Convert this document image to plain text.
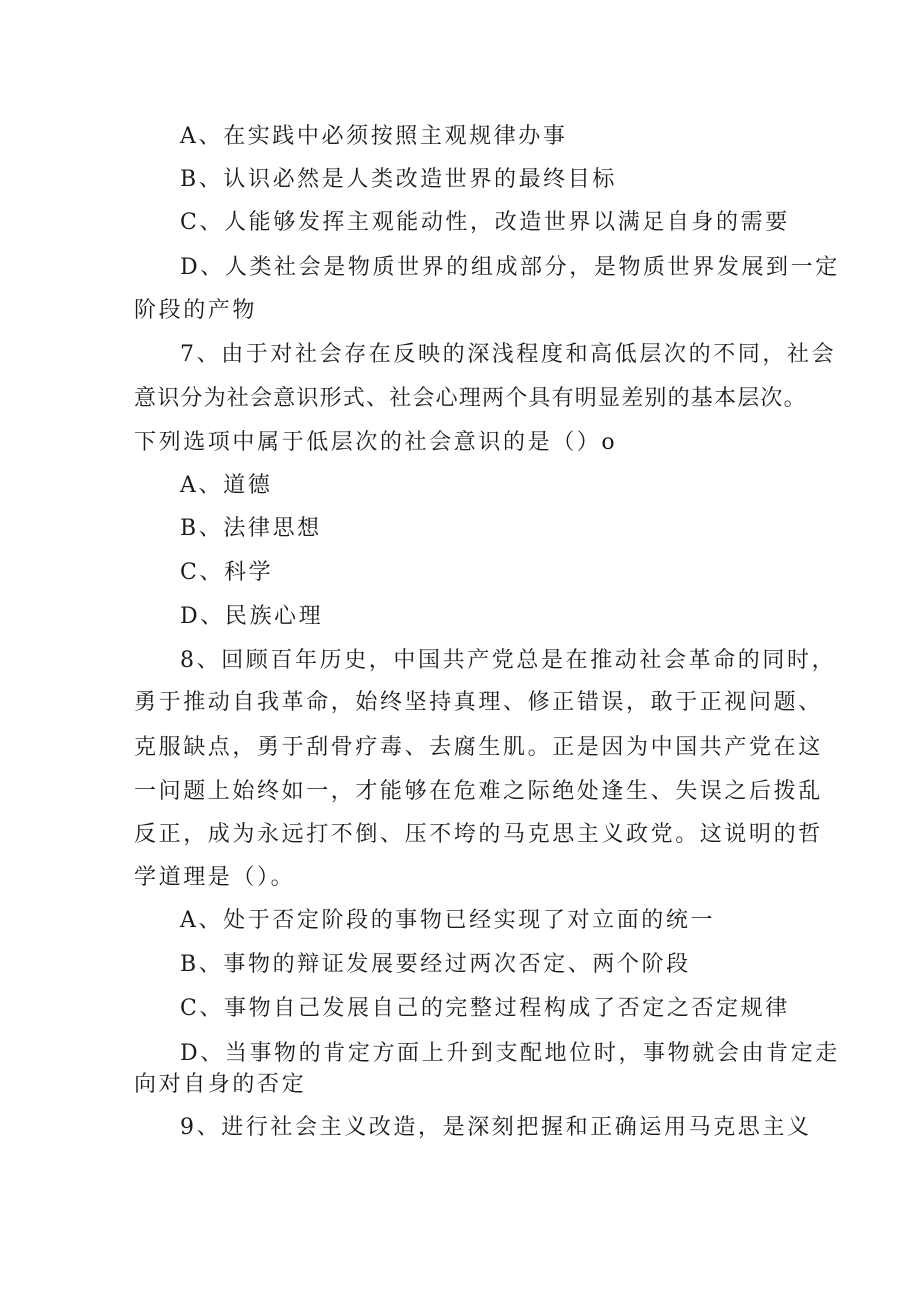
A、在实践中必须按照主观规律办事
B、认识必然是人类改造世界的最终目标
C、人能够发挥主观能动性，改造世界以满足自身的需要
D、人类社会是物质世界的组成部分，是物质世界发展到一定
阶段的产物
7、由于对社会存在反映的深浅程度和高低层次的不同，社会
意识分为社会意识形式、社会心理两个具有明显差别的基本层次。
下列选项中属于低层次的社会意识的是（）o
A、道德
B、法律思想
C、科学
D、民族心理
8、回顾百年历史，中国共产党总是在推动社会革命的同时，
勇于推动自我革命，始终坚持真理、修正错误，敢于正视问题、
克服缺点，勇于刮骨疗毒、去腐生肌。正是因为中国共产党在这
一问题上始终如一，才能够在危难之际绝处逢生、失误之后拨乱
反正，成为永远打不倒、压不垮的马克思主义政党。这说明的哲
学道理是（）。
A、处于否定阶段的事物已经实现了对立面的统一
B、事物的辩证发展要经过两次否定、两个阶段
C、事物自己发展自己的完整过程构成了否定之否定规律
D、当事物的肯定方面上升到支配地位时，事物就会由肯定走
向对自身的否定
9、进行社会主义改造，是深刻把握和正确运用马克思主义
